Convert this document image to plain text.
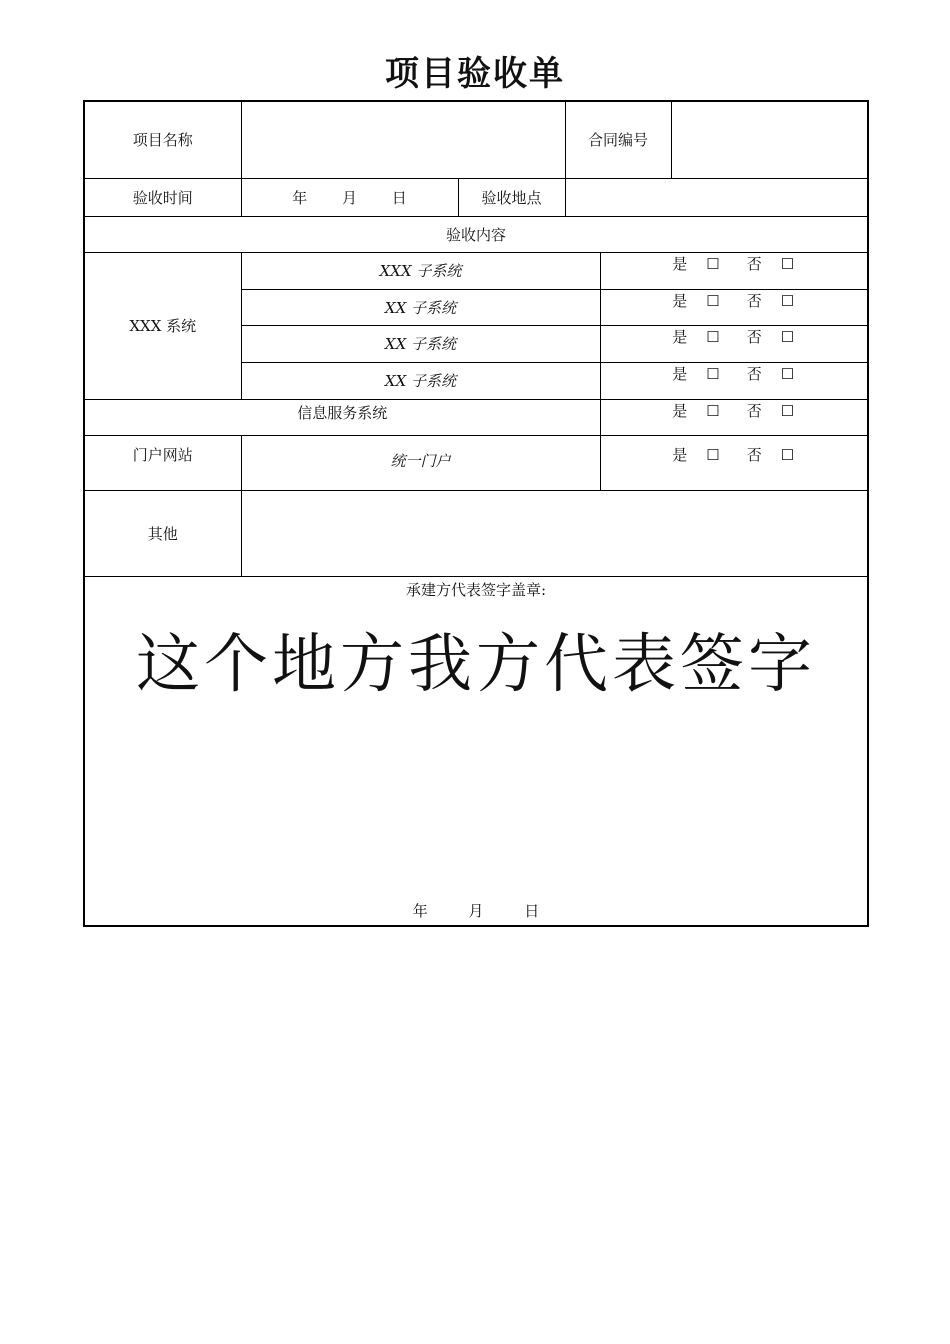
项目验收单
项目名称			合同编号		
验收时间	年 月 日	验收地点			
验收内容					
XXX 系统	XXX 子系统			是 ☐ 否 ☐	
	XX 子系统			是 ☐ 否 ☐	
	XX 子系统			是 ☐ 否 ☐	
	XX 子系统			是 ☐ 否 ☐	

信息服务系统				是 ☐ 否 ☐	

门户网站	统一门户			是 ☐ 否 ☐	
其他					

承建方代表签字盖章:
这个地方我方代表签字
年 月 日					
